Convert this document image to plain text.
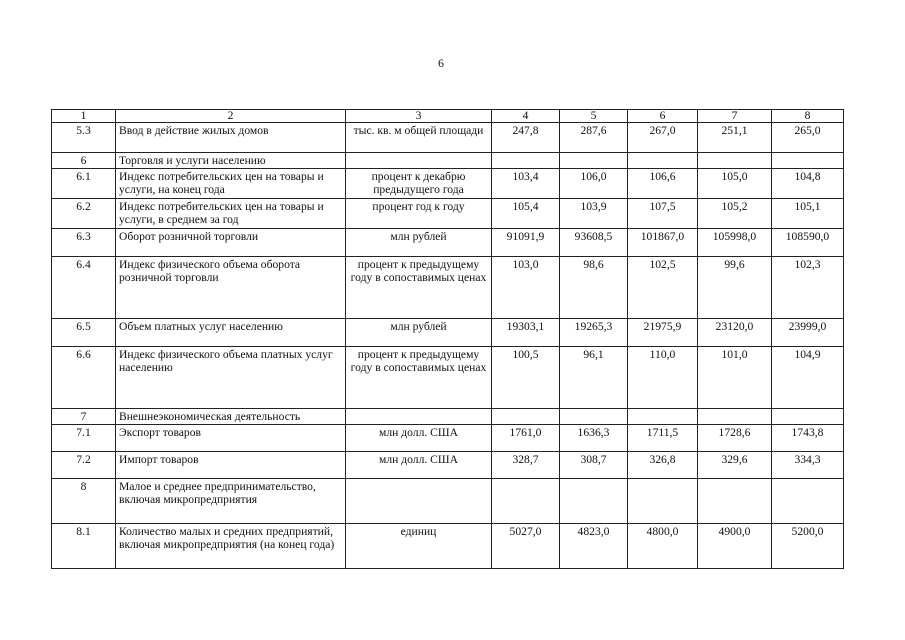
6
1	2	3	4	5	6	7	8
5.3	Ввод в действие жилых домов	тыс. кв. м общей площади	247,8	287,6	267,0	251,1	265,0
6	Торговля и услуги населению						
6.1	Индекс потребительских цен на товары и услуги, на конец года	процент к декабрю предыдущего года	103,4	106,0	106,6	105,0	104,8
6.2	Индекс потребительских цен на товары и услуги, в среднем за год	процент год к году	105,4	103,9	107,5	105,2	105,1
6.3	Оборот розничной торговли	млн рублей	91091,9	93608,5	101867,0	105998,0	108590,0
6.4	Индекс физического объема оборота розничной торговли	процент к предыдущему году в сопоставимых ценах	103,0	98,6	102,5	99,6	102,3
6.5	Объем платных услуг населению	млн рублей	19303,1	19265,3	21975,9	23120,0	23999,0
6.6	Индекс физического объема платных услуг населению	процент к предыдущему году в сопоставимых ценах	100,5	96,1	110,0	101,0	104,9
7	Внешнеэкономическая деятельность						
7.1	Экспорт товаров	млн долл. США	1761,0	1636,3	1711,5	1728,6	1743,8
7.2	Импорт товаров	млн долл. США	328,7	308,7	326,8	329,6	334,3
8	Малое и среднее предпринимательство, включая микропредприятия						
8.1	Количество малых и средних предприятий, включая микропредприятия (на конец года)	единиц	5027,0	4823,0	4800,0	4900,0	5200,0
